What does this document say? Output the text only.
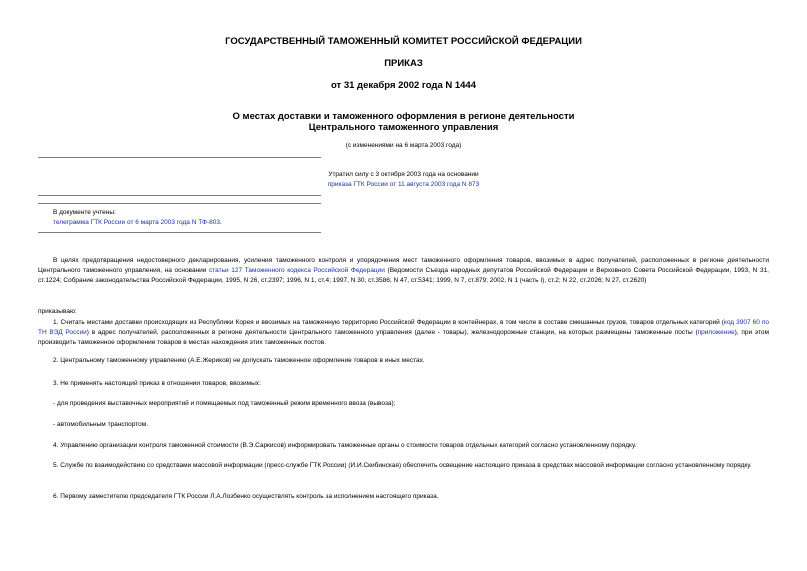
ГОСУДАРСТВЕННЫЙ ТАМОЖЕННЫЙ КОМИТЕТ РОССИЙСКОЙ ФЕДЕРАЦИИ
ПРИКАЗ
от 31 декабря 2002 года N 1444
О местах доставки и таможенного оформления в регионе деятельности
Центрального таможенного управления
(с изменениями на 6 марта 2003 года)
Утратил силу с 3 октября 2003 года на основании
приказа ГТК России от 11 августа 2003 года N 873
В документе учтены:
телеграмма ГТК России от 6 марта 2003 года N ТФ-803.
В целях предотвращения недостоверного декларирования, усиления таможенного контроля и упорядочения мест таможенного оформления товаров, ввозимых в адрес получателей, расположенных в регионе деятельности Центрального таможенного управления, на основании статьи 127 Таможенного кодекса Российской Федерации (Ведомости Съезда народных депутатов Российской Федерации и Верховного Совета Российской Федерации, 1993, N 31, ст.1224; Собрание законодательства Российской Федерации, 1995, N 26, ст.2397; 1996, N 1, ст.4; 1997, N 30, ст.3586; N 47, ст.5341; 1999, N 7, ст.879; 2002, N 1 (часть I), ст.2; N 22, ст.2026; N 27, ст.2620)
приказываю:
1. Считать местами доставки происходящих из Республики Корея и ввозимых на таможенную территорию Российской Федерации в контейнерах, в том числе в составе смешанных грузов, товаров отдельных категорий (код 3907 60 по ТН ВЭД России) в адрес получателей, расположенных в регионе деятельности Центрального таможенного управления (далее - товары), железнодорожные станции, на которых размещены таможенные посты (приложение), при этом производить таможенное оформление товаров в местах нахождения этих таможенных постов.
2. Центральному таможенному управлению (А.Е.Жериков) не допускать таможенное оформление товаров в иных местах.
3. Не применять настоящий приказ в отношении товаров, ввозимых:
- для проведения выставочных мероприятий и помещаемых под таможенный режим временного ввоза (вывоза);
- автомобильным транспортом.
4. Управлению организации контроля таможенной стоимости (В.Э.Саркисов) информировать таможенные органы о стоимости товаров отдельных категорий согласно установленному порядку.
5. Службе по взаимодействию со средствами массовой информации (пресс-службе ГТК России) (И.И.Скибинская) обеспечить освещение настоящего приказа в средствах массовой информации согласно установленному порядку.
6. Первому заместителю председателя ГТК России Л.А.Лозбенко осуществлять контроль за исполнением настоящего приказа.
